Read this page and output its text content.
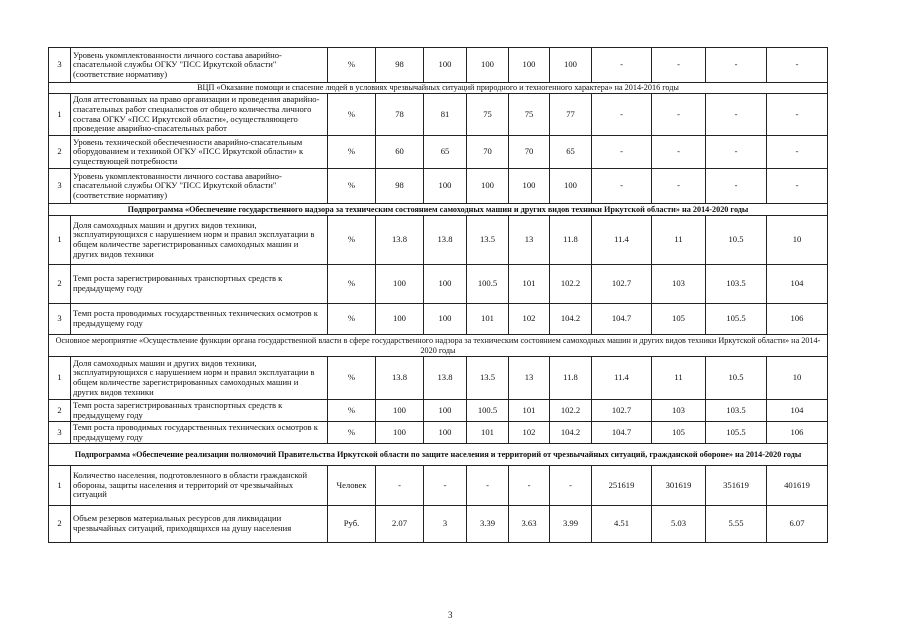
3	Уровень укомплектованности личного состава аварийно-спасательной службы ОГКУ "ПСС Иркутской области" (соответствие нормативу)	%	98	100	100	100	100	-	-	-	-
ВЦП «Оказание помощи и спасение людей в условиях чрезвычайных ситуаций природного и техногенного характера» на 2014-2016 годы											
1	Доля аттестованных на право организации и проведения аварийно-спасательных работ специалистов от общего количества личного состава ОГКУ «ПСС Иркутской области», осуществляющего проведение аварийно-спасательных работ	%	78	81	75	75	77	-	-	-	-
2	Уровень технической обеспеченности аварийно-спасательным оборудованием и техникой ОГКУ «ПСС Иркутской области» к существующей потребности	%	60	65	70	70	65	-	-	-	-
3	Уровень укомплектованности личного состава аварийно-спасательной службы ОГКУ "ПСС Иркутской области" (соответствие нормативу)	%	98	100	100	100	100	-	-	-	-
Подпрограмма «Обеспечение государственного надзора за техническим состоянием самоходных машин и других видов техники Иркутской области» на 2014-2020 годы											
1	Доля самоходных машин и других видов техники, эксплуатирующихся с нарушением норм и правил эксплуатации в общем количестве зарегистрированных самоходных машин и других видов техники	%	13.8	13.8	13.5	13	11.8	11.4	11	10.5	10
2	Темп роста зарегистрированных транспортных средств к предыдущему году	%	100	100	100.5	101	102.2	102.7	103	103.5	104
3	Темп роста проводимых государственных технических осмотров к предыдущему году	%	100	100	101	102	104.2	104.7	105	105.5	106
Основное мероприятие «Осуществление функции органа государственной власти в сфере государственного надзора за техническим состоянием самоходных машин и других видов техники Иркутской области» на 2014-2020 годы											
1	Доля самоходных машин и других видов техники, эксплуатирующихся с нарушением норм и правил эксплуатации в общем количестве зарегистрированных самоходных машин и других видов техники	%	13.8	13.8	13.5	13	11.8	11.4	11	10.5	10
2	Темп роста зарегистрированных транспортных средств к предыдущему году	%	100	100	100.5	101	102.2	102.7	103	103.5	104
3	Темп роста проводимых государственных технических осмотров к предыдущему году	%	100	100	101	102	104.2	104.7	105	105.5	106
Подпрограмма «Обеспечение реализации полномочий Правительства Иркутской области по защите населения и территорий от чрезвычайных ситуаций, гражданской обороне» на 2014-2020 годы											
1	Количество населения, подготовленного в области гражданской обороны, защиты населения и территорий от чрезвычайных ситуаций	Человек	-	-	-	-	-	251619	301619	351619	401619
2	Объем резервов материальных ресурсов для ликвидации чрезвычайных ситуаций, приходящихся на душу населения	Руб.	2.07	3	3.39	3.63	3.99	4.51	5.03	5.55	6.07
3
